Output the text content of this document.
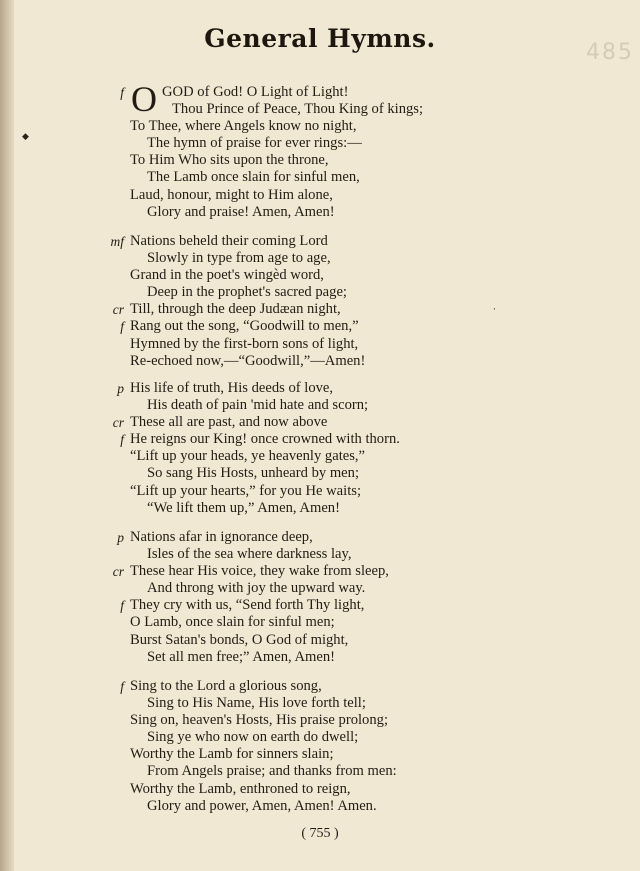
485
◆
·
General Hymns.
O
f	GOD of God! O Light of Light!
Thou Prince of Peace, Thou King of kings;
To Thee, where Angels know no night,
The hymn of praise for ever rings:—
To Him Who sits upon the throne,
The Lamb once slain for sinful men,
Laud, honour, might to Him alone,
Glory and praise! Amen, Amen!
mf Nations beheld their coming Lord
Slowly in type from age to age,
Grand in the poet's wingèd word,
Deep in the prophet's sacred page;
cr Till, through the deep Judæan night,
f Rang out the song, “Goodwill to men,”
Hymned by the first-born sons of light,
Re-echoed now,—“Goodwill,”—Amen!
p His life of truth, His deeds of love,
His death of pain 'mid hate and scorn;
cr These all are past, and now above
f He reigns our King! once crowned with thorn.
“Lift up your heads, ye heavenly gates,”
So sang His Hosts, unheard by men;
“Lift up your hearts,” for you He waits;
“We lift them up,” Amen, Amen!
p Nations afar in ignorance deep,
Isles of the sea where darkness lay,
cr These hear His voice, they wake from sleep,
And throng with joy the upward way.
f They cry with us, “Send forth Thy light,
O Lamb, once slain for sinful men;
Burst Satan's bonds, O God of might,
Set all men free;” Amen, Amen!
f Sing to the Lord a glorious song,
Sing to His Name, His love forth tell;
Sing on, heaven's Hosts, His praise prolong;
Sing ye who now on earth do dwell;
Worthy the Lamb for sinners slain;
From Angels praise; and thanks from men:
Worthy the Lamb, enthroned to reign,
Glory and power, Amen, Amen! Amen.
( 755 )
